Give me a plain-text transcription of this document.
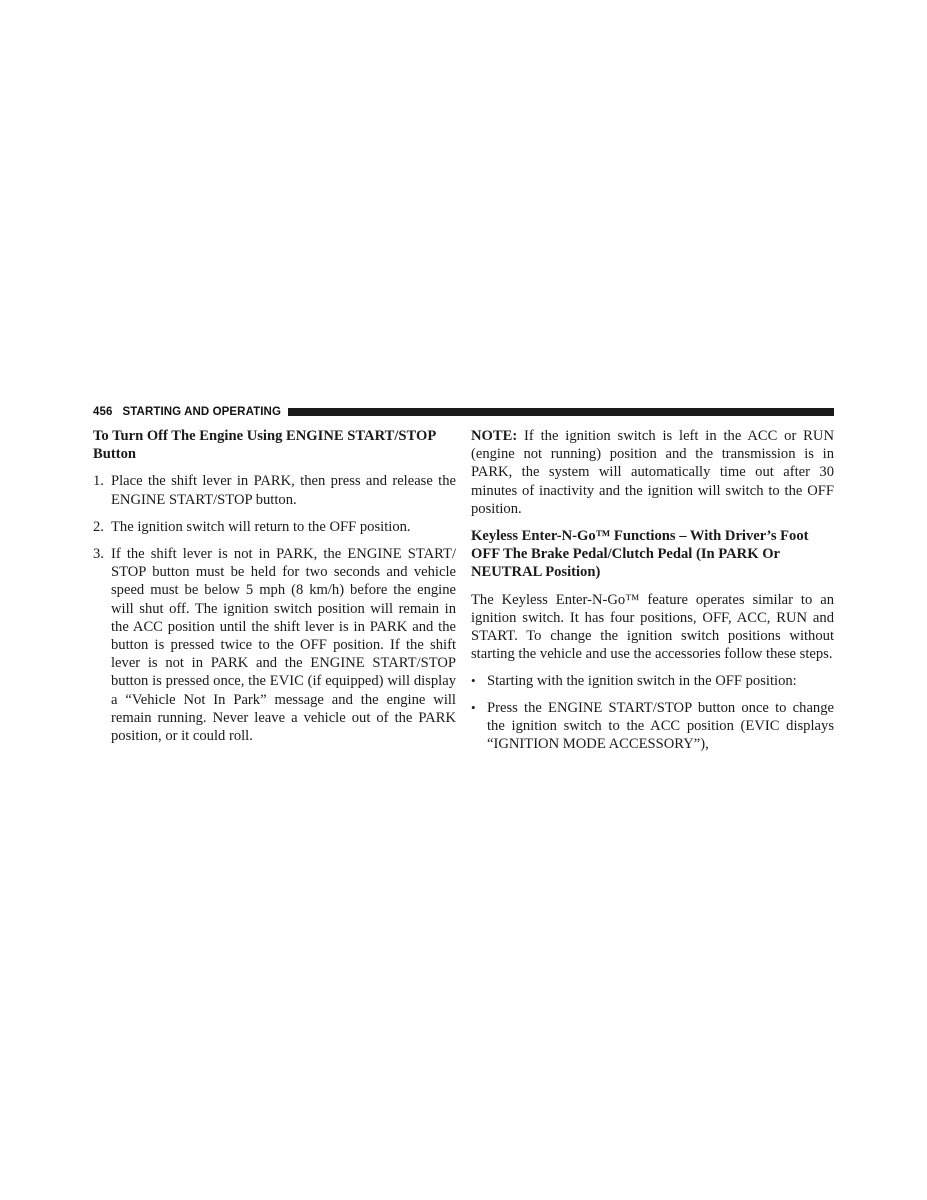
456 STARTING AND OPERATING
To Turn Off The Engine Using ENGINE START/STOP Button
1. Place the shift lever in PARK, then press and release the ENGINE START/STOP button.
2. The ignition switch will return to the OFF position.
3. If the shift lever is not in PARK, the ENGINE START/ STOP button must be held for two seconds and vehicle speed must be below 5 mph (8 km/h) before the engine will shut off. The ignition switch position will remain in the ACC position until the shift lever is in PARK and the button is pressed twice to the OFF position. If the shift lever is not in PARK and the ENGINE START/STOP button is pressed once, the EVIC (if equipped) will display a “Vehicle Not In Park” message and the engine will remain running. Never leave a vehicle out of the PARK position, or it could roll.

NOTE: If the ignition switch is left in the ACC or RUN (engine not running) position and the transmission is in PARK, the system will automatically time out after 30 minutes of inactivity and the ignition will switch to the OFF position.

Keyless Enter-N-Go™ Functions – With Driver’s Foot OFF The Brake Pedal/Clutch Pedal (In PARK Or NEUTRAL Position)

The Keyless Enter-N-Go™ feature operates similar to an ignition switch. It has four positions, OFF, ACC, RUN and START. To change the ignition switch positions without starting the vehicle and use the accessories follow these steps.

• Starting with the ignition switch in the OFF position:
• Press the ENGINE START/STOP button once to change the ignition switch to the ACC position (EVIC displays “IGNITION MODE ACCESSORY”),
